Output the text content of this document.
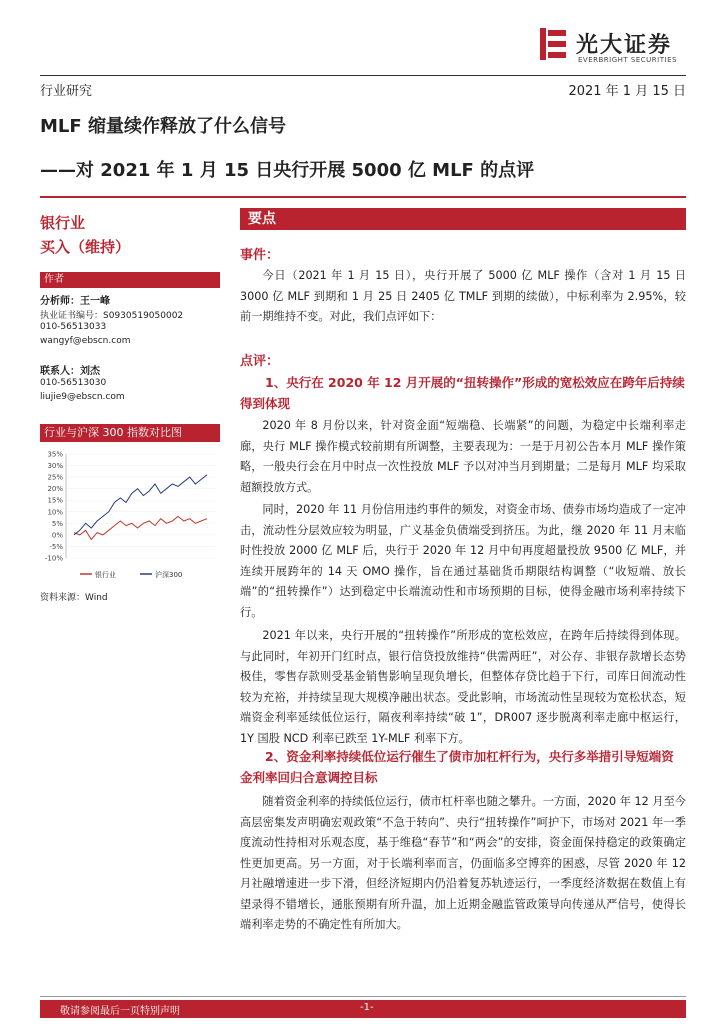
光大证券
EVERBRIGHT SECURITIES
行业研究	2021 年 1 月 15 日
MLF 缩量续作释放了什么信号
——对 2021 年 1 月 15 日央行开展 5000 亿 MLF 的点评
银行业
买入（维持）
作者
分析师：王一峰
执业证书编号：S0930519050002
010-56513033
wangyf@ebscn.com
联系人：刘杰
010-56513030
liujie9@ebscn.com
行业与沪深 300 指数对比图
-10%
-5%
0%
5%
10%
15%
20%
25%
30%
35%
银行业	沪深300
资料来源：Wind
要点
事件：
今日（2021 年 1 月 15 日），央行开展了 5000 亿 MLF 操作（含对 1 月 15 日 3000 亿 MLF 到期和 1 月 25 日 2405 亿 TMLF 到期的续做），中标利率为 2.95%，较前一期维持不变。对此，我们点评如下：
点评：
1、央行在 2020 年 12 月开展的“扭转操作”形成的宽松效应在跨年后持续得到体现
2020 年 8 月份以来，针对资金面“短端稳、长端紧”的问题，为稳定中长端利率走廊，央行 MLF 操作模式较前期有所调整，主要表现为：一是于月初公告本月 MLF 操作策略，一般央行会在月中时点一次性投放 MLF 予以对冲当月到期量；二是每月 MLF 均采取超额投放方式。
同时，2020 年 11 月份信用违约事件的频发，对资金市场、债券市场均造成了一定冲击，流动性分层效应较为明显，广义基金负债端受到挤压。为此，继 2020 年 11 月末临时性投放 2000 亿 MLF 后，央行于 2020 年 12 月中旬再度超量投放 9500 亿 MLF，并连续开展跨年的 14 天 OMO 操作，旨在通过基础货币期限结构调整（“收短端、放长端”的“扭转操作”）达到稳定中长端流动性和市场预期的目标，使得金融市场利率持续下行。
2021 年以来，央行开展的“扭转操作”所形成的宽松效应，在跨年后持续得到体现。与此同时，年初开门红时点，银行信贷投放维持“供需两旺”，对公存、非银存款增长态势极佳，零售存款则受基金销售影响呈现负增长，但整体存贷比趋于下行，司库日间流动性较为充裕，并持续呈现大规模净融出状态。受此影响，市场流动性呈现较为宽松状态，短端资金利率延续低位运行，隔夜利率持续“破 1”，DR007 逐步脱离利率走廊中枢运行，1Y 国股 NCD 利率已跌至 1Y-MLF 利率下方。
2、资金利率持续低位运行催生了债市加杠杆行为，央行多举措引导短端资金利率回归合意调控目标
随着资金利率的持续低位运行，债市杠杆率也随之攀升。一方面，2020 年 12 月至今高层密集发声明确宏观政策“不急于转向”、央行“扭转操作”呵护下，市场对 2021 年一季度流动性持相对乐观态度，基于维稳“春节”和“两会”的安排，资金面保持稳定的政策确定性更加更高。另一方面，对于长端利率而言，仍面临多空博弈的困惑，尽管 2020 年 12 月社融增速进一步下滑，但经济短期内仍沿着复苏轨迹运行，一季度经济数据在数值上有望录得不错增长，通胀预期有所升温，加上近期金融监管政策导向传递从严信号，使得长端利率走势的不确定性有所加大。
敬请参阅最后一页特别声明	-1-
